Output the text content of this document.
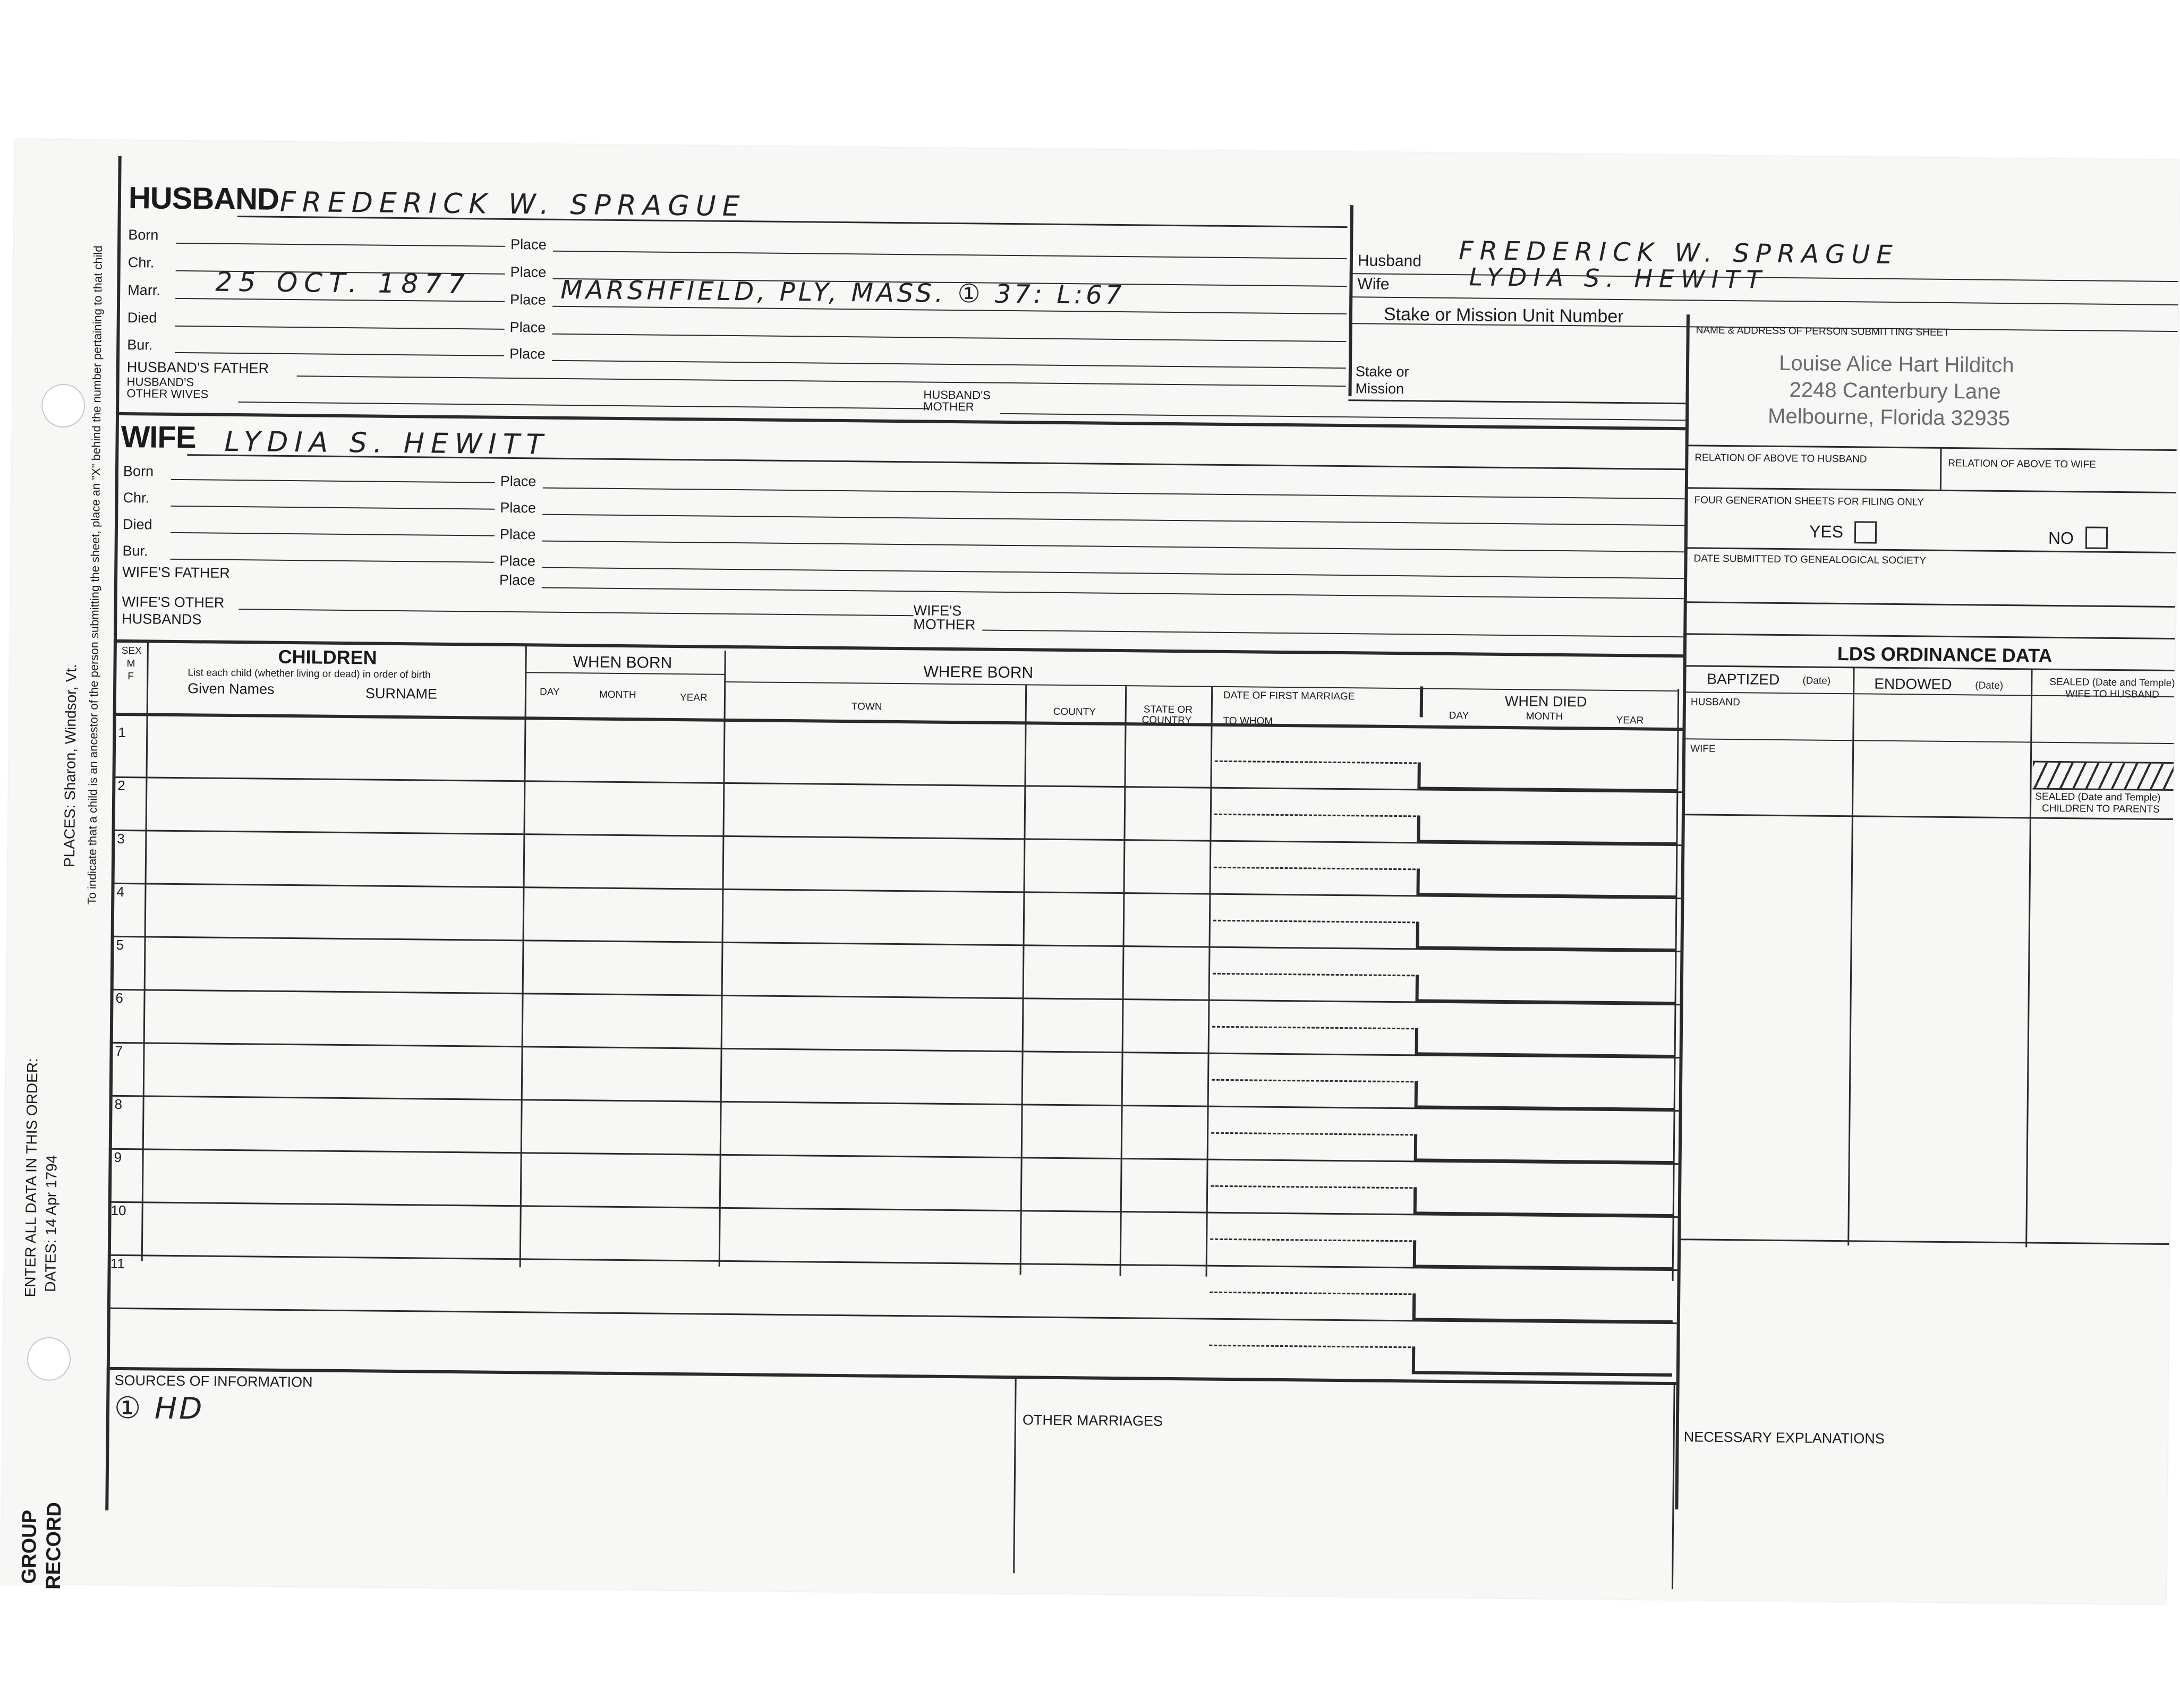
PLACES: Sharon, Windsor, Vt. To indicate that a child is an ancestor of the person submitting the sheet, place an "X" behind the number pertaining to that child
ENTER ALL DATA IN THIS ORDER: DATES: 14 Apr 1794
GROUP RECORD
HUSBAND FREDERICK W. SPRAGUE
Born
Place
Chr.
Place
Marr. 25 OCT. 1877
Place MARSHFIELD, PLY, MASS. ① 37: L:67
Died
Place
Bur.
Place
HUSBAND'S FATHER
HUSBAND'S
OTHER WIVES	HUSBAND'S
MOTHER
Husband FREDERICK W. SPRAGUE
Wife	LYDIA S. HEWITT
Stake or Mission Unit Number
Stake or
Mission
NAME & ADDRESS OF PERSON SUBMITTING SHEET
Louise Alice Hart Hilditch
2248 Canterbury Lane
Melbourne, Florida 32935
RELATION OF ABOVE TO HUSBAND	RELATION OF ABOVE TO WIFE
FOUR GENERATION SHEETS FOR FILING ONLY
YES	NO
DATE SUBMITTED TO GENEALOGICAL SOCIETY
WIFE LYDIA S. HEWITT
Born
Place
Chr.
Place
Died
Place
Bur.
Place
WIFE'S FATHER	Place
WIFE'S OTHER
HUSBANDS
WIFE'S
MOTHER
LDS ORDINANCE DATA
BAPTIZED (Date)	ENDOWED (Date)	SEALED (Date and Temple)
WIFE TO HUSBAND
HUSBAND
WIFE
SEALED (Date and Temple)
CHILDREN TO PARENTS
SEX
M
F
CHILDREN
List each child (whether living or dead) in order of birth
Given Names	SURNAME
WHEN BORN
DAY	MONTH	YEAR
WHERE BORN
TOWN	COUNTY	STATE OR
COUNTRY
DATE OF FIRST MARRIAGE
TO WHOM
WHEN DIED
DAY	MONTH	YEAR
1
2
3
4
5
6
7
8
9
10
11
SOURCES OF INFORMATION
① HD	OTHER MARRIAGES
NECESSARY EXPLANATIONS
